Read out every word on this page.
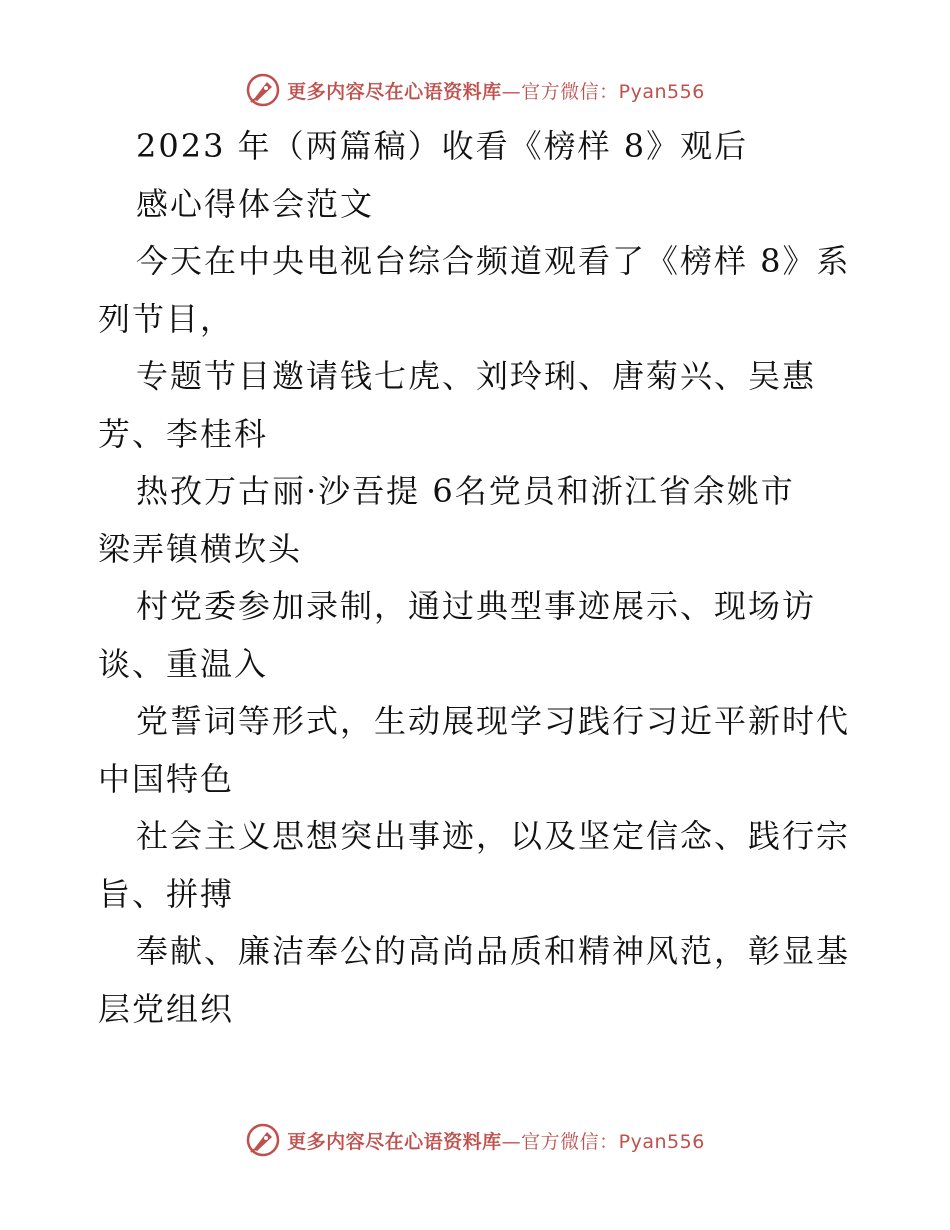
更多内容尽在心语资料库—官方微信：Pyan556
2023 年（两篇稿）收看《榜样 8》观后
感心得体会范文
今天在中央电视台综合频道观看了《榜样 8》系
列节目，
专题节目邀请钱七虎、刘玲琍、唐菊兴、吴惠
芳、李桂科
热孜万古丽·沙吾提 6名党员和浙江省余姚市
梁弄镇横坎头
村党委参加录制，通过典型事迹展示、现场访
谈、重温入
党誓词等形式，生动展现学习践行习近平新时代
中国特色
社会主义思想突出事迹，以及坚定信念、践行宗
旨、拼搏
奉献、廉洁奉公的高尚品质和精神风范，彰显基
层党组织
更多内容尽在心语资料库—官方微信：Pyan556
